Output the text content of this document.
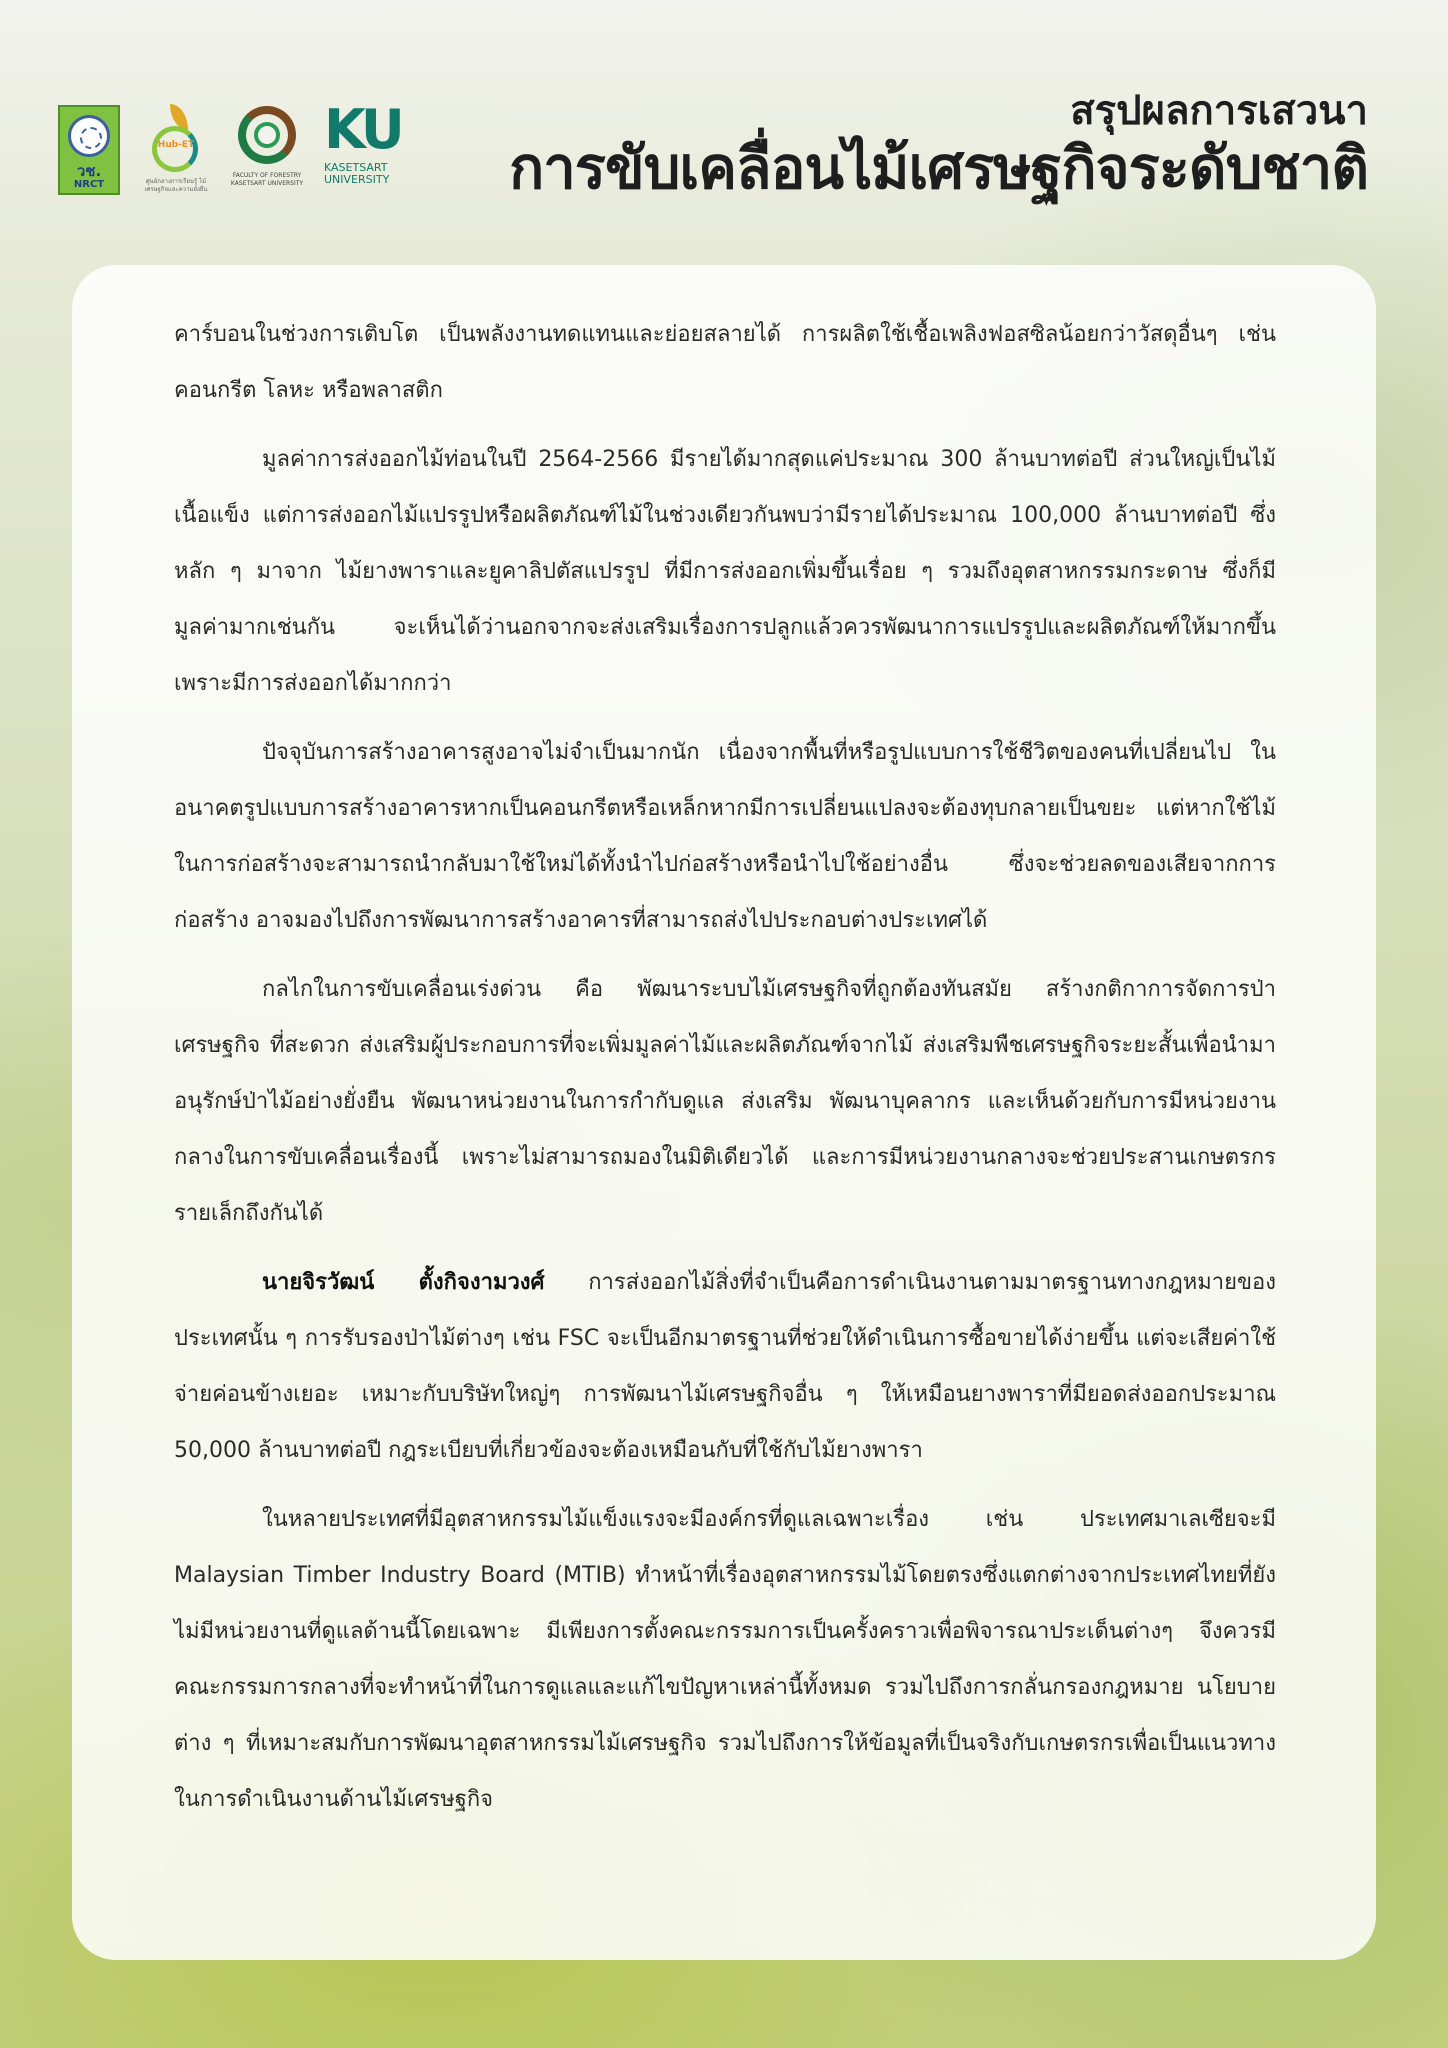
วช.
NRCT
Hub-ET
ศูนย์กลางการเรียนรู้ ไม้เศรษฐกิจและความยั่งยืน
FACULTY OF FORESTRY KASETSART UNIVERSITY
KU
KASETSART
UNIVERSITY
สรุปผลการเสวนา
การขับเคลื่อนไม้เศรษฐกิจระดับชาติ

คาร์บอนในช่วงการเติบโต เป็นพลังงานทดแทนและย่อยสลายได้ การผลิตใช้เชื้อเพลิงฟอสซิลน้อยกว่าวัสดุอื่นๆ เช่น คอนกรีต โลหะ หรือพลาสติก

มูลค่าการส่งออกไม้ท่อนในปี 2564-2566 มีรายได้มากสุดแค่ประมาณ 300 ล้านบาทต่อปี ส่วนใหญ่เป็นไม้เนื้อแข็ง แต่การส่งออกไม้แปรรูปหรือผลิตภัณฑ์ไม้ในช่วงเดียวกันพบว่ามีรายได้ประมาณ 100,000 ล้านบาทต่อปี ซึ่งหลัก ๆ มาจาก ไม้ยางพาราและยูคาลิปตัสแปรรูป ที่มีการส่งออกเพิ่มขึ้นเรื่อย ๆ รวมถึงอุตสาหกรรมกระดาษ ซึ่งก็มีมูลค่ามากเช่นกัน จะเห็นได้ว่านอกจากจะส่งเสริมเรื่องการปลูกแล้วควรพัฒนาการแปรรูปและผลิตภัณฑ์ให้มากขึ้นเพราะมีการส่งออกได้มากกว่า

ปัจจุบันการสร้างอาคารสูงอาจไม่จำเป็นมากนัก เนื่องจากพื้นที่หรือรูปแบบการใช้ชีวิตของคนที่เปลี่ยนไป ในอนาคตรูปแบบการสร้างอาคารหากเป็นคอนกรีตหรือเหล็กหากมีการเปลี่ยนแปลงจะต้องทุบกลายเป็นขยะ แต่หากใช้ไม้ในการก่อสร้างจะสามารถนำกลับมาใช้ใหม่ได้ทั้งนำไปก่อสร้างหรือนำไปใช้อย่างอื่น ซึ่งจะช่วยลดของเสียจากการก่อสร้าง อาจมองไปถึงการพัฒนาการสร้างอาคารที่สามารถส่งไปประกอบต่างประเทศได้

กลไกในการขับเคลื่อนเร่งด่วน คือ พัฒนาระบบไม้เศรษฐกิจที่ถูกต้องทันสมัย สร้างกติกาการจัดการป่าเศรษฐกิจ ที่สะดวก ส่งเสริมผู้ประกอบการที่จะเพิ่มมูลค่าไม้และผลิตภัณฑ์จากไม้ ส่งเสริมพืชเศรษฐกิจระยะสั้นเพื่อนำมาอนุรักษ์ป่าไม้อย่างยั่งยืน พัฒนาหน่วยงานในการกำกับดูแล ส่งเสริม พัฒนาบุคลากร และเห็นด้วยกับการมีหน่วยงานกลางในการขับเคลื่อนเรื่องนี้ เพราะไม่สามารถมองในมิติเดียวได้ และการมีหน่วยงานกลางจะช่วยประสานเกษตรกรรายเล็กถึงกันได้

นายจิรวัฒน์ ตั้งกิจงามวงศ์ การส่งออกไม้สิ่งที่จำเป็นคือการดำเนินงานตามมาตรฐานทางกฎหมายของประเทศนั้น ๆ การรับรองป่าไม้ต่างๆ เช่น FSC จะเป็นอีกมาตรฐานที่ช่วยให้ดำเนินการซื้อขายได้ง่ายขึ้น แต่จะเสียค่าใช้จ่ายค่อนข้างเยอะ เหมาะกับบริษัทใหญ่ๆ การพัฒนาไม้เศรษฐกิจอื่น ๆ ให้เหมือนยางพาราที่มียอดส่งออกประมาณ 50,000 ล้านบาทต่อปี กฎระเบียบที่เกี่ยวข้องจะต้องเหมือนกับที่ใช้กับไม้ยางพารา

ในหลายประเทศที่มีอุตสาหกรรมไม้แข็งแรงจะมีองค์กรที่ดูแลเฉพาะเรื่อง เช่น ประเทศมาเลเซียจะมี Malaysian Timber Industry Board (MTIB) ทำหน้าที่เรื่องอุตสาหกรรมไม้โดยตรงซึ่งแตกต่างจากประเทศไทยที่ยังไม่มีหน่วยงานที่ดูแลด้านนี้โดยเฉพาะ มีเพียงการตั้งคณะกรรมการเป็นครั้งคราวเพื่อพิจารณาประเด็นต่างๆ จึงควรมีคณะกรรมการกลางที่จะทำหน้าที่ในการดูแลและแก้ไขปัญหาเหล่านี้ทั้งหมด รวมไปถึงการกลั่นกรองกฎหมาย นโยบายต่าง ๆ ที่เหมาะสมกับการพัฒนาอุตสาหกรรมไม้เศรษฐกิจ รวมไปถึงการให้ข้อมูลที่เป็นจริงกับเกษตรกรเพื่อเป็นแนวทางในการดำเนินงานด้านไม้เศรษฐกิจ
